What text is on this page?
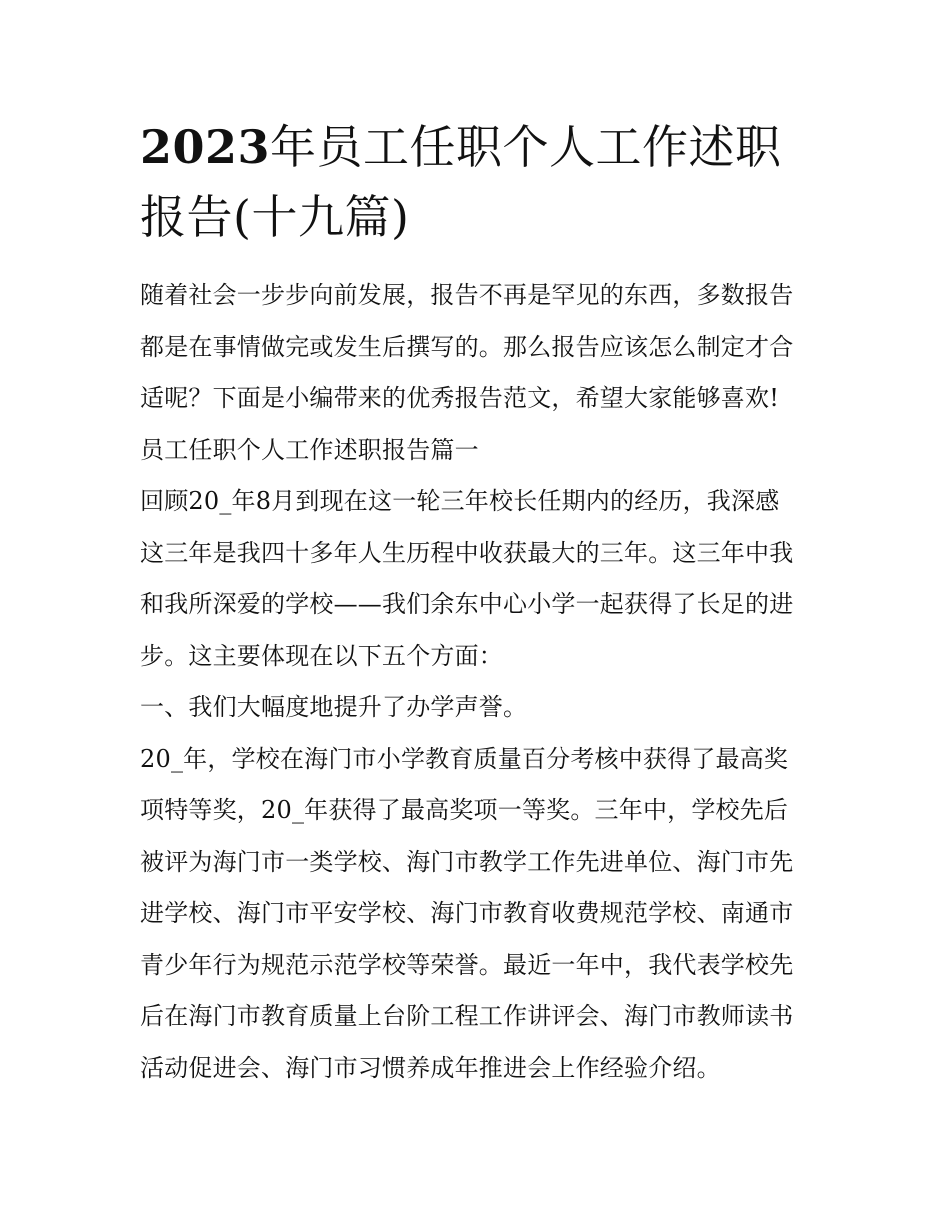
2023年员工任职个人工作述职报告(十九篇)
随着社会一步步向前发展，报告不再是罕见的东西，多数报告
都是在事情做完或发生后撰写的。那么报告应该怎么制定才合
适呢？下面是小编带来的优秀报告范文，希望大家能够喜欢!
员工任职个人工作述职报告篇一
回顾20_年8月到现在这一轮三年校长任期内的经历，我深感
这三年是我四十多年人生历程中收获最大的三年。这三年中我
和我所深爱的学校——我们余东中心小学一起获得了长足的进
步。这主要体现在以下五个方面：
一、我们大幅度地提升了办学声誉。
20_年，学校在海门市小学教育质量百分考核中获得了最高奖
项特等奖，20_年获得了最高奖项一等奖。三年中，学校先后
被评为海门市一类学校、海门市教学工作先进单位、海门市先
进学校、海门市平安学校、海门市教育收费规范学校、南通市
青少年行为规范示范学校等荣誉。最近一年中，我代表学校先
后在海门市教育质量上台阶工程工作讲评会、海门市教师读书
活动促进会、海门市习惯养成年推进会上作经验介绍。
